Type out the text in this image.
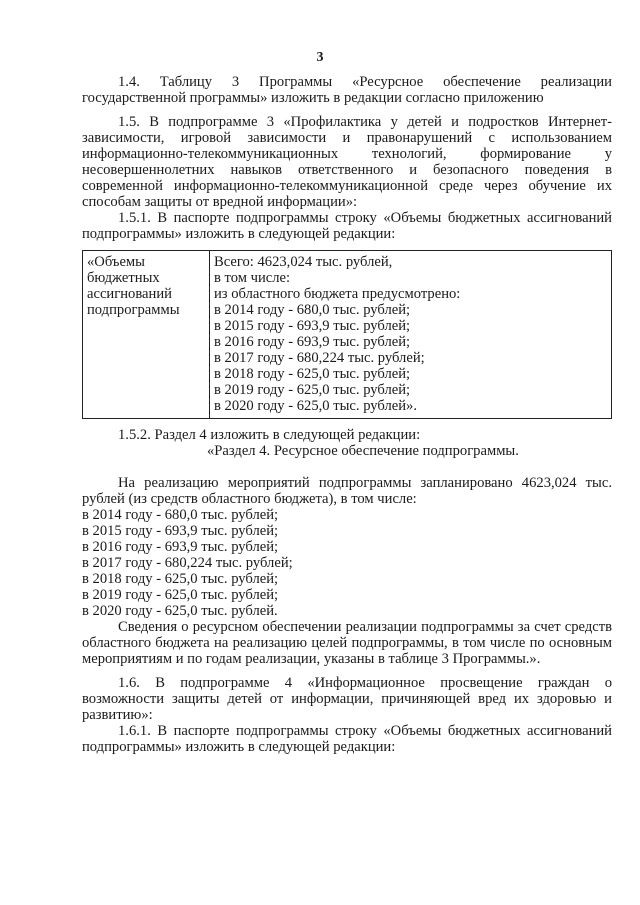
3

1.4. Таблицу 3 Программы «Ресурсное обеспечение реализации государственной программы» изложить в редакции согласно приложению

1.5. В подпрограмме 3 «Профилактика у детей и подростков Интернет-зависимости, игровой зависимости и правонарушений с использованием информационно-телекоммуникационных технологий, формирование у несовершеннолетних навыков ответственного и безопасного поведения в современной информационно-телекоммуникационной среде через обучение их способам защиты от вредной информации»:

1.5.1. В паспорте подпрограммы строку «Объемы бюджетных ассигнований подпрограммы» изложить в следующей редакции:

«Объемы
бюджетных
ассигнований
подпрограммы

Всего: 4623,024 тыс. рублей,
в том числе:
из областного бюджета предусмотрено:
в 2014 году - 680,0 тыс. рублей;
в 2015 году - 693,9 тыс. рублей;
в 2016 году - 693,9 тыс. рублей;
в 2017 году - 680,224 тыс. рублей;
в 2018 году - 625,0 тыс. рублей;
в 2019 году - 625,0 тыс. рублей;
в 2020 году - 625,0 тыс. рублей».

1.5.2. Раздел 4 изложить в следующей редакции:

«Раздел 4. Ресурсное обеспечение подпрограммы.

На реализацию мероприятий подпрограммы запланировано 4623,024 тыс. рублей (из средств областного бюджета), в том числе:

в 2014 году - 680,0 тыс. рублей;
в 2015 году - 693,9 тыс. рублей;
в 2016 году - 693,9 тыс. рублей;
в 2017 году - 680,224 тыс. рублей;
в 2018 году - 625,0 тыс. рублей;
в 2019 году - 625,0 тыс. рублей;
в 2020 году - 625,0 тыс. рублей.

Сведения о ресурсном обеспечении реализации подпрограммы за счет средств областного бюджета на реализацию целей подпрограммы, в том числе по основным мероприятиям и по годам реализации, указаны в таблице 3 Программы.».

1.6. В подпрограмме 4 «Информационное просвещение граждан о возможности защиты детей от информации, причиняющей вред их здоровью и развитию»:

1.6.1. В паспорте подпрограммы строку «Объемы бюджетных ассигнований подпрограммы» изложить в следующей редакции:
